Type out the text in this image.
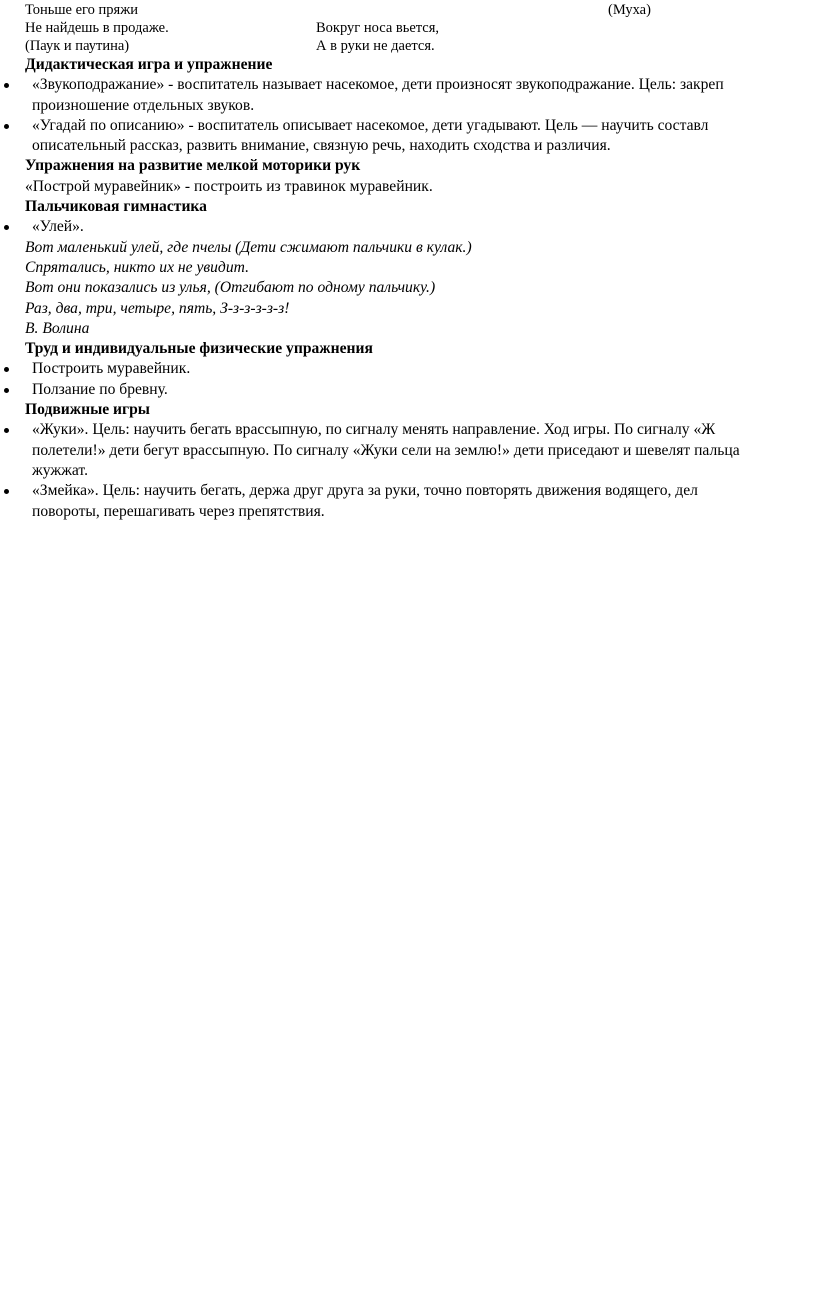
Тоньше его пряжи	(Муха)
Не найдешь в продаже.	Вокруг носа вьется,
(Паук и паутина)	А в руки не дается.
Дидактическая игра и упражнение
«Звукоподражание» - воспитатель называет насекомое, дети произносят звукоподражание. Цель: закреп
произношение отдельных звуков.
«Угадай по описанию» - воспитатель описывает насекомое, дети угадывают. Цель — научить составл
описательный рассказ, развить внимание, связную речь, находить сходства и различия.
Упражнения на развитие мелкой моторики рук
«Построй муравейник» - построить из травинок муравейник.
Пальчиковая гимнастика
«Улей».
Вот маленький улей, где пчелы (Дети сжимают пальчики в кулак.)
Спрятались, никто их не увидит.
Вот они показались из улья, (Отгибают по одному пальчику.)
Раз, два, три, четыре, пять, З-з-з-з-з-з!
В. Волина
Труд и индивидуальные физические упражнения
Построить муравейник.
Ползание по бревну.
Подвижные игры
«Жуки». Цель: научить бегать врассыпную, по сигналу менять направление. Ход игры. По сигналу «Ж
полетели!» дети бегут врассыпную. По сигналу «Жуки сели на землю!» дети приседают и шевелят пальца
жужжат.
«Змейка». Цель: научить бегать, держа друг друга за руки, точно повторять движения водящего, дел
повороты, перешагивать через препятствия.
